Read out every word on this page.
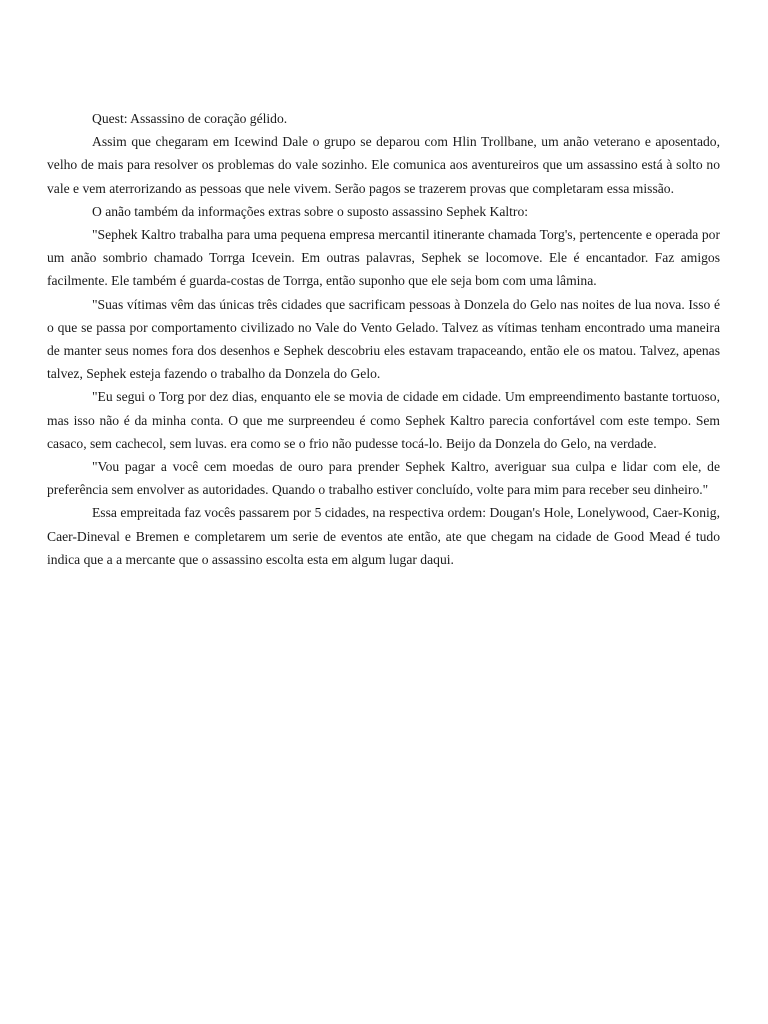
Quest: Assassino de coração gélido.

Assim que chegaram em Icewind Dale o grupo se deparou com Hlin Trollbane, um anão veterano e aposentado, velho de mais para resolver os problemas do vale sozinho. Ele comunica aos aventureiros que um assassino está à solto no vale e vem aterrorizando as pessoas que nele vivem. Serão pagos se trazerem provas que completaram essa missão.

O anão também da informações extras sobre o suposto assassino Sephek Kaltro:

"Sephek Kaltro trabalha para uma pequena empresa mercantil itinerante chamada Torg's, pertencente e operada por um anão sombrio chamado Torrga Icevein. Em outras palavras, Sephek se locomove. Ele é encantador. Faz amigos facilmente. Ele também é guarda-costas de Torrga, então suponho que ele seja bom com uma lâmina.

"Suas vítimas vêm das únicas três cidades que sacrificam pessoas à Donzela do Gelo nas noites de lua nova. Isso é o que se passa por comportamento civilizado no Vale do Vento Gelado. Talvez as vítimas tenham encontrado uma maneira de manter seus nomes fora dos desenhos e Sephek descobriu eles estavam trapaceando, então ele os matou. Talvez, apenas talvez, Sephek esteja fazendo o trabalho da Donzela do Gelo.

"Eu segui o Torg por dez dias, enquanto ele se movia de cidade em cidade. Um empreendimento bastante tortuoso, mas isso não é da minha conta. O que me surpreendeu é como Sephek Kaltro parecia confortável com este tempo. Sem casaco, sem cachecol, sem luvas. era como se o frio não pudesse tocá-lo. Beijo da Donzela do Gelo, na verdade.

"Vou pagar a você cem moedas de ouro para prender Sephek Kaltro, averiguar sua culpa e lidar com ele, de preferência sem envolver as autoridades. Quando o trabalho estiver concluído, volte para mim para receber seu dinheiro."

Essa empreitada faz vocês passarem por 5 cidades, na respectiva ordem: Dougan's Hole, Lonelywood, Caer-Konig, Caer-Dineval e Bremen e completarem um serie de eventos ate então, ate que chegam na cidade de Good Mead é tudo indica que a a mercante que o assassino escolta esta em algum lugar daqui.
